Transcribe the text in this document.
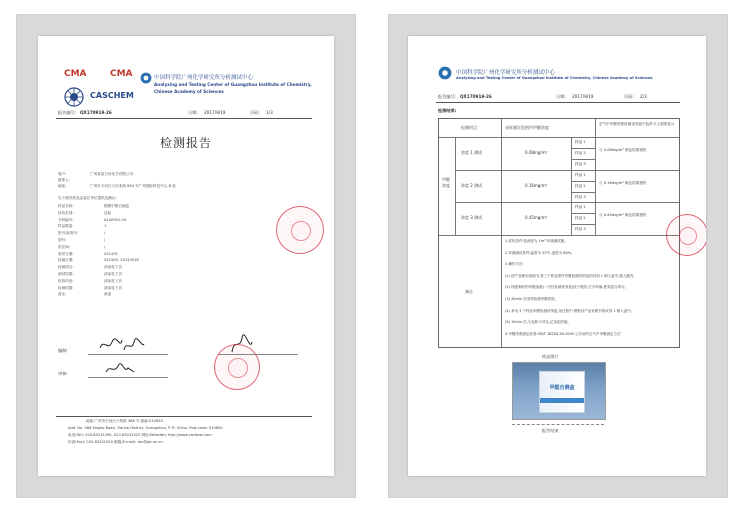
CMA	CMA
CASCHEM
中国科学院广州化学研究所分析测试中心
Analyzing and Testing Center of Guangzhou Institute of Chemistry,
Chinese Academy of Sciences
报告编号: QX170919-26	日期: 2017/9/19	页码: 1/3
检测报告
客户:	广州某某日用化学有限公司
联系人:
地址:	广州市天河区天河北路 894 号广州国际科技中心 B 座
以下测试样品由委托单位提供及确认:
样品名称:	除醛甲醛自测盒
检验类别:	送检
分析编号:	A140901-04
样品数量:	1
批号/标准号:	/
型号:	/
供应商:	/
收样日期:	2014/9/
检测日期:	2014/9/- 2014/9/18
检测项目:	请参见下页
测试结果:	请参见下页
检验结论:	请参见下页
检测依据:	请参见下页
备注:	被委
编制:
审核:
地址:广州市天河区兴科路 368 号 邮编:510650
Add: No. 368 Xingke Road, Tianhe District, Guangzhou, P. R. China. Post code: 510650
电话(Tel): 020-85231290, 020-85231023 网址(Website): http://www.cacitest.com
传真(Fax): 020-85231029 邮箱(E-mail): atc@gic.ac.cn
中国科学院广州化学研究所分析测试中心
Analyzing and Testing Center of Guangzhou Institute of Chemistry, Chinese Academy of Sciences
报告编号: QX170919-26	日期: 2017/9/19	页码: 2/3
检测结果:
检测项目	采样测定范围内甲醛浓度
空气中甲醛浓度检测试剂盒中色阶卡上面度显示
甲醛
浓度
浓度 1 测试	0.08mg/m³
样品 1
样品 2
样品 3
与 0.08mg/m³ 颜色结果相符
浓度 2 测试	0.16mg/m³
样品 1
样品 2
样品 3
与 0.16mg/m³ 颜色结果相符
浓度 3 测试	0.45mg/m³
样品 1
样品 2
样品 3
与 0.45mg/m³ 颜色结果相符
备注
1.试验条件:检测室为 1m³ 环境测试舱。
2.环境测试条件:温度为 25℃,湿度为 60%。
3.操作方法:
(1) 按产品使用说明书,将三个样品采样甲醛检测试剂盒的试剂 1 倒入盒中,插入舱内。
(2) 待配制好的甲醛溶液(一次性检测试剂盒)放于舱内,打开风扇,使其混合均匀。
(3) 30min 后采样检测甲醛浓度。
(4) 拿出 3 个样品甲醛检测试剂盒,用过程中,观察其产品说明书的试剂 1 倒入盒中。
(5) 10min 后,与色阶卡对比,记录色阶值。
4.甲醛浓度测定标准:GB/T 18204.26-2000 公共场所空气中甲醛测定方法
样品图片
甲醛自测盒
报告结束
